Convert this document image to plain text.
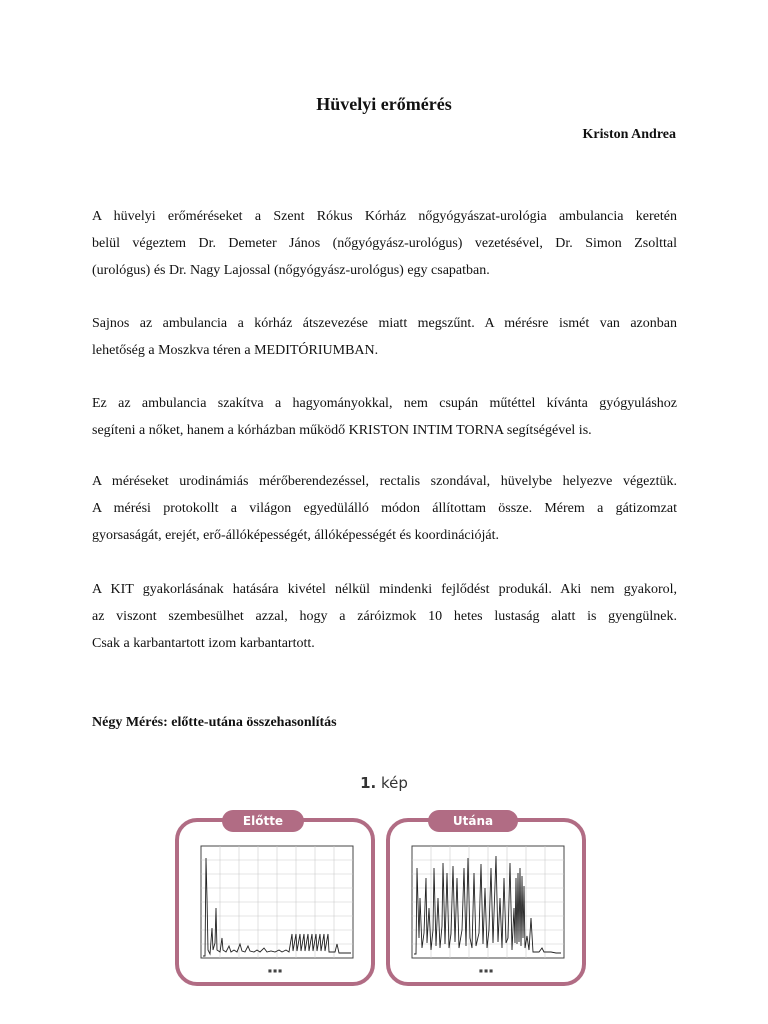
Hüvelyi erőmérés
Kriston Andrea
A hüvelyi erőméréseket a Szent Rókus Kórház nőgyógyászat-urológia ambulancia keretén
belül végeztem Dr. Demeter János (nőgyógyász-urológus) vezetésével, Dr. Simon Zsolttal
(urológus) és Dr. Nagy Lajossal (nőgyógyász-urológus) egy csapatban.
Sajnos az ambulancia a kórház átszevezése miatt megszűnt. A mérésre ismét van azonban
lehetőség a Moszkva téren a MEDITÓRIUMBAN.
Ez az ambulancia szakítva a hagyományokkal, nem csupán műtéttel kívánta gyógyuláshoz
segíteni a nőket, hanem a kórházban működő KRISTON INTIM TORNA segítségével is.
A méréseket urodinámiás mérőberendezéssel, rectalis szondával, hüvelybe helyezve végeztük.
A mérési protokollt a világon egyedülálló módon állítottam össze. Mérem a gátizomzat
gyorsaságát, erejét, erő-állóképességét, állóképességét és koordinációját.
A KIT gyakorlásának hatására kivétel nélkül mindenki fejlődést produkál. Aki nem gyakorol,
az viszont szembesülhet azzal, hogy a záróizmok 10 hetes lustaság alatt is gyengülnek.
Csak a karbantartott izom karbantartott.
Négy Mérés: előtte-utána összehasonlítás
1. kép
■ ■ ■
Előtte
■ ■ ■
Utána
